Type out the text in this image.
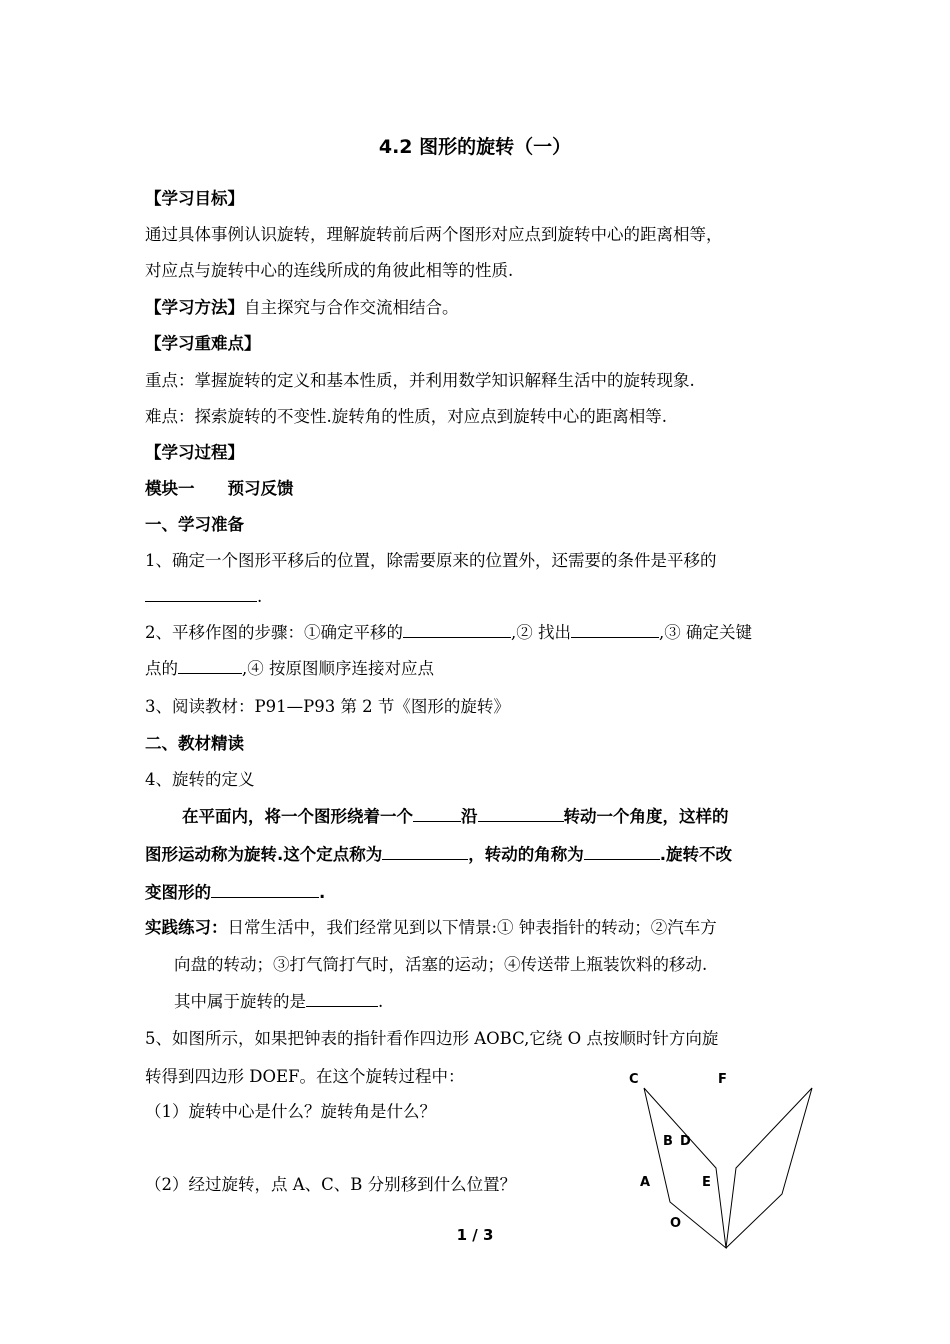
4.2 图形的旋转（一）
【学习目标】
通过具体事例认识旋转，理解旋转前后两个图形对应点到旋转中心的距离相等，
对应点与旋转中心的连线所成的角彼此相等的性质.
【学习方法】自主探究与合作交流相结合。
【学习重难点】
重点：掌握旋转的定义和基本性质，并利用数学知识解释生活中的旋转现象.
难点：探索旋转的不变性.旋转角的性质，对应点到旋转中心的距离相等.
【学习过程】
模块一　　预习反馈
一、学习准备
1、确定一个图形平移后的位置，除需要原来的位置外，还需要的条件是平移的
.
2、平移作图的步骤：①确定平移的	,② 找出	,③ 确定关键
点的	,④ 按原图顺序连接对应点
3、阅读教材：P91—P93 第 2 节《图形的旋转》
二、教材精读
4、旋转的定义
在平面内，将一个图形绕着一个	沿	转动一个角度，这样的
图形运动称为旋转.这个定点称为	，转动的角称为	.旋转不改
变图形的	.
实践练习：日常生活中，我们经常见到以下情景:① 钟表指针的转动；②汽车方
向盘的转动；③打气筒打气时，活塞的运动；④传送带上瓶装饮料的移动.
其中属于旋转的是	.
5、如图所示，如果把钟表的指针看作四边形 AOBC,它绕 O 点按顺时针方向旋
转得到四边形 DOEF。在这个旋转过程中：
（1）旋转中心是什么？旋转角是什么？
（2）经过旋转，点 A、C、B 分别移到什么位置？
C	F
B D
A	E
O
1 / 3
